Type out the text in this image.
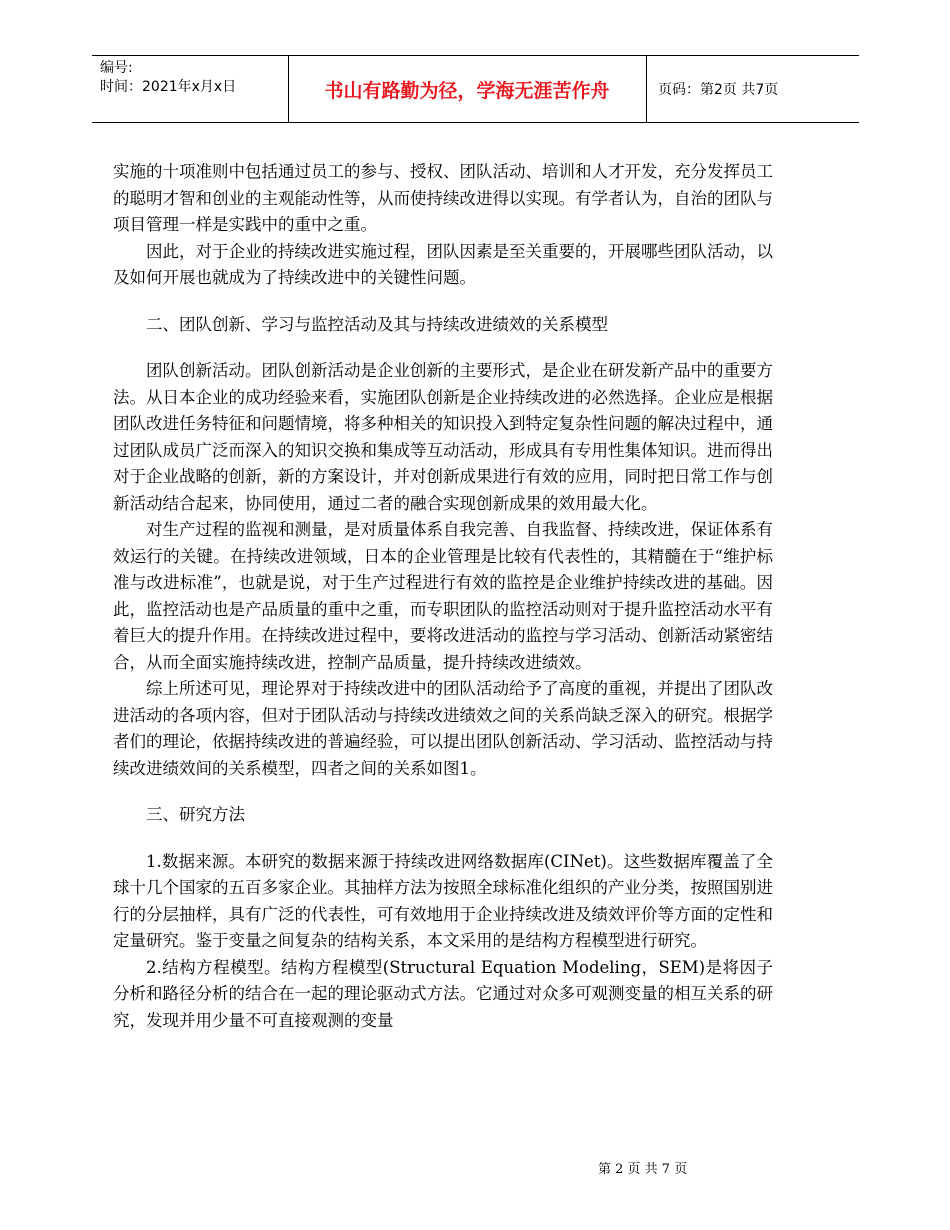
编号:
时间：2021年x月x日	书山有路勤为径，学海无涯苦作舟	页码：第2页 共7页

实施的十项准则中包括通过员工的参与、授权、团队活动、培训和人才开发，充分发挥员工的聪明才智和创业的主观能动性等，从而使持续改进得以实现。有学者认为，自治的团队与项目管理一样是实践中的重中之重。

因此，对于企业的持续改进实施过程，团队因素是至关重要的，开展哪些团队活动，以及如何开展也就成为了持续改进中的关键性问题。

二、团队创新、学习与监控活动及其与持续改进绩效的关系模型

团队创新活动。团队创新活动是企业创新的主要形式，是企业在研发新产品中的重要方法。从日本企业的成功经验来看，实施团队创新是企业持续改进的必然选择。企业应是根据团队改进任务特征和问题情境，将多种相关的知识投入到特定复杂性问题的解决过程中，通过团队成员广泛而深入的知识交换和集成等互动活动，形成具有专用性集体知识。进而得出对于企业战略的创新，新的方案设计，并对创新成果进行有效的应用，同时把日常工作与创新活动结合起来，协同使用，通过二者的融合实现创新成果的效用最大化。

对生产过程的监视和测量，是对质量体系自我完善、自我监督、持续改进，保证体系有效运行的关键。在持续改进领域，日本的企业管理是比较有代表性的，其精髓在于“维护标准与改进标准”，也就是说，对于生产过程进行有效的监控是企业维护持续改进的基础。因此，监控活动也是产品质量的重中之重，而专职团队的监控活动则对于提升监控活动水平有着巨大的提升作用。在持续改进过程中，要将改进活动的监控与学习活动、创新活动紧密结合，从而全面实施持续改进，控制产品质量，提升持续改进绩效。

综上所述可见，理论界对于持续改进中的团队活动给予了高度的重视，并提出了团队改进活动的各项内容，但对于团队活动与持续改进绩效之间的关系尚缺乏深入的研究。根据学者们的理论，依据持续改进的普遍经验，可以提出团队创新活动、学习活动、监控活动与持续改进绩效间的关系模型，四者之间的关系如图1。

三、研究方法

1.数据来源。本研究的数据来源于持续改进网络数据库(CINet)。这些数据库覆盖了全球十几个国家的五百多家企业。其抽样方法为按照全球标准化组织的产业分类，按照国别进行的分层抽样，具有广泛的代表性，可有效地用于企业持续改进及绩效评价等方面的定性和定量研究。鉴于变量之间复杂的结构关系，本文采用的是结构方程模型进行研究。

2.结构方程模型。结构方程模型(Structural Equation Modeling，SEM)是将因子分析和路径分析的结合在一起的理论驱动式方法。它通过对众多可观测变量的相互关系的研究，发现并用少量不可直接观测的变量

第 2 页 共 7 页
